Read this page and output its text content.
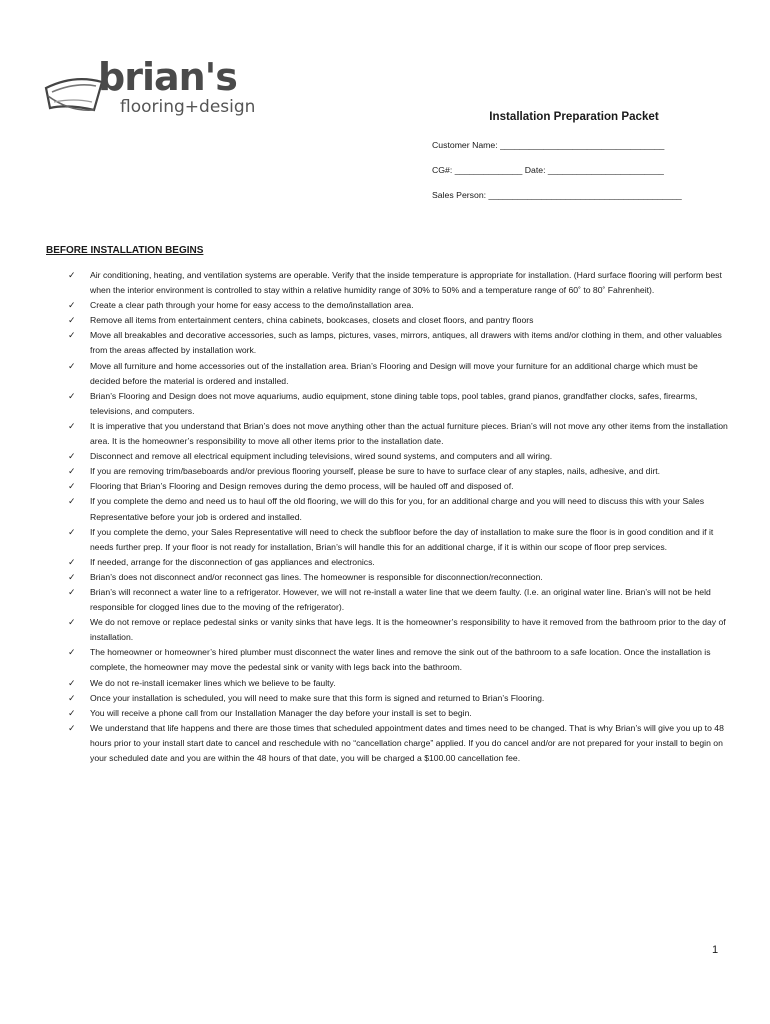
brian's
flooring+design	Installation Preparation Packet
Customer Name: __________________________________
CG#: ______________ Date: ________________________
Sales Person: ________________________________________
BEFORE INSTALLATION BEGINS
✓ Air conditioning, heating, and ventilation systems are operable. Verify that the inside temperature is appropriate for installation. (Hard surface flooring will perform best when the interior environment is controlled to stay within a relative humidity range of 30% to 50% and a temperature range of 60˚ to 80˚ Fahrenheit).
✓ Create a clear path through your home for easy access to the demo/installation area.
✓ Remove all items from entertainment centers, china cabinets, bookcases, closets and closet floors, and pantry floors
✓ Move all breakables and decorative accessories, such as lamps, pictures, vases, mirrors, antiques, all drawers with items and/or clothing in them, and other valuables from the areas affected by installation work.
✓ Move all furniture and home accessories out of the installation area. Brian’s Flooring and Design will move your furniture for an additional charge which must be decided before the material is ordered and installed.
✓ Brian’s Flooring and Design does not move aquariums, audio equipment, stone dining table tops, pool tables, grand pianos, grandfather clocks, safes, firearms, televisions, and computers.
✓ It is imperative that you understand that Brian’s does not move anything other than the actual furniture pieces. Brian’s will not move any other items from the installation area. It is the homeowner’s responsibility to move all other items prior to the installation date.
✓ Disconnect and remove all electrical equipment including televisions, wired sound systems, and computers and all wiring.
✓ If you are removing trim/baseboards and/or previous flooring yourself, please be sure to have to surface clear of any staples, nails, adhesive, and dirt.
✓ Flooring that Brian’s Flooring and Design removes during the demo process, will be hauled off and disposed of.
✓ If you complete the demo and need us to haul off the old flooring, we will do this for you, for an additional charge and you will need to discuss this with your Sales Representative before your job is ordered and installed.
✓ If you complete the demo, your Sales Representative will need to check the subfloor before the day of installation to make sure the floor is in good condition and if it needs further prep. If your floor is not ready for installation, Brian’s will handle this for an additional charge, if it is within our scope of floor prep services.
✓ If needed, arrange for the disconnection of gas appliances and electronics.
✓ Brian’s does not disconnect and/or reconnect gas lines. The homeowner is responsible for disconnection/reconnection.
✓ Brian’s will reconnect a water line to a refrigerator. However, we will not re-install a water line that we deem faulty. (I.e. an original water line. Brian’s will not be held responsible for clogged lines due to the moving of the refrigerator).
✓ We do not remove or replace pedestal sinks or vanity sinks that have legs. It is the homeowner’s responsibility to have it removed from the bathroom prior to the day of installation.
✓ The homeowner or homeowner’s hired plumber must disconnect the water lines and remove the sink out of the bathroom to a safe location. Once the installation is complete, the homeowner may move the pedestal sink or vanity with legs back into the bathroom.
✓ We do not re-install icemaker lines which we believe to be faulty.
✓ Once your installation is scheduled, you will need to make sure that this form is signed and returned to Brian’s Flooring.
✓ You will receive a phone call from our Installation Manager the day before your install is set to begin.
✓ We understand that life happens and there are those times that scheduled appointment dates and times need to be changed. That is why Brian’s will give you up to 48 hours prior to your install start date to cancel and reschedule with no “cancellation charge” applied. If you do cancel and/or are not prepared for your install to begin on your scheduled date and you are within the 48 hours of that date, you will be charged a $100.00 cancellation fee.
1
